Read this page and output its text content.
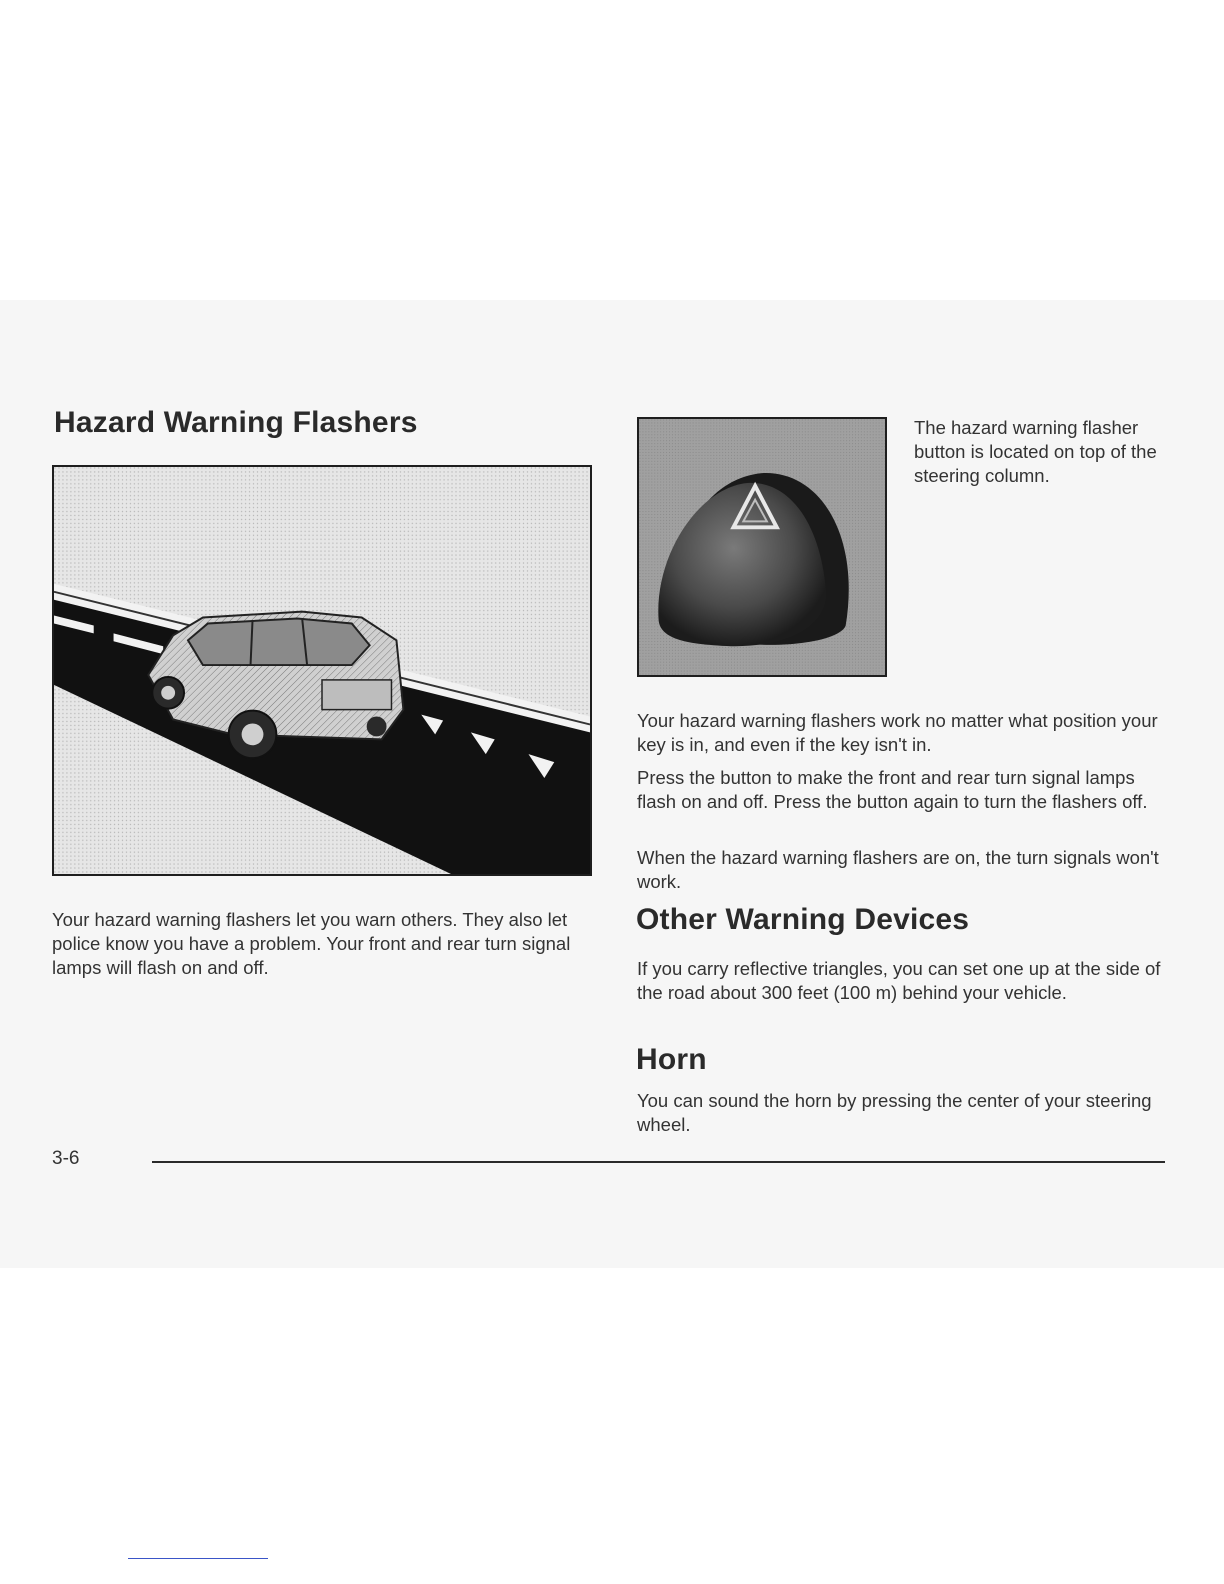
Hazard Warning Flashers

Your hazard warning flashers let you warn others. They also let police know you have a problem. Your front and rear turn signal lamps will flash on and off.

The hazard warning flasher button is located on top of the steering column.

Your hazard warning flashers work no matter what position your key is in, and even if the key isn't in.

Press the button to make the front and rear turn signal lamps flash on and off. Press the button again to turn the flashers off.

When the hazard warning flashers are on, the turn signals won't work.

Other Warning Devices

If you carry reflective triangles, you can set one up at the side of the road about 300 feet (100 m) behind your vehicle.

Horn

You can sound the horn by pressing the center of your steering wheel.

3-6
